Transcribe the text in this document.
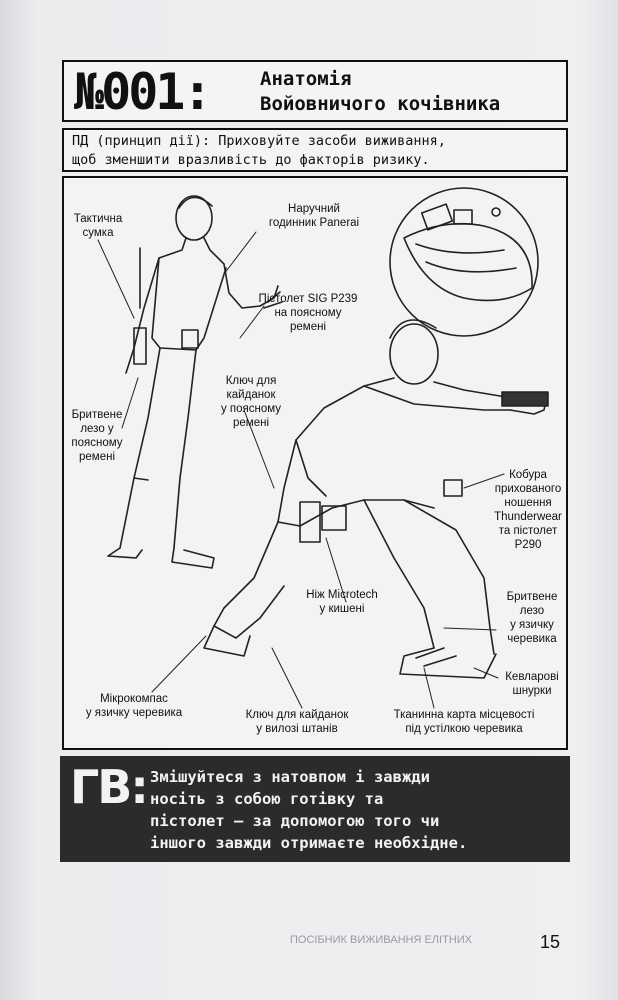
№001:	Анатомія
Войовничого кочівника
ПД (принцип дії): Приховуйте засоби виживання,
щоб зменшити вразливість до факторів ризику.
Тактична
сумка
Наручний
годинник Panerai
Пістолет SIG P239
на поясному
ремені
Ключ для
кайданок
у поясному
ремені
Бритвене
лезо у
поясному
ремені
Кобура
прихованого
ношення
Thunderwear
та пістолет
P290
Ніж Microtech
у кишені
Бритвене
лезо
у язичку
черевика
Кевларові
шнурки
Мікрокомпас
у язичку черевика	Ключ для кайданок
у вилозі штанів
Тканинна карта місцевості
під устілкою черевика
ГВ: Змішуйтеся з натовпом і завжди
носіть з собою готівку та
пістолет — за допомогою того чи
іншого завжди отримаєте необхідне.
ПОСІБНИК ВИЖИВАННЯ ЕЛІТНИХ	15
